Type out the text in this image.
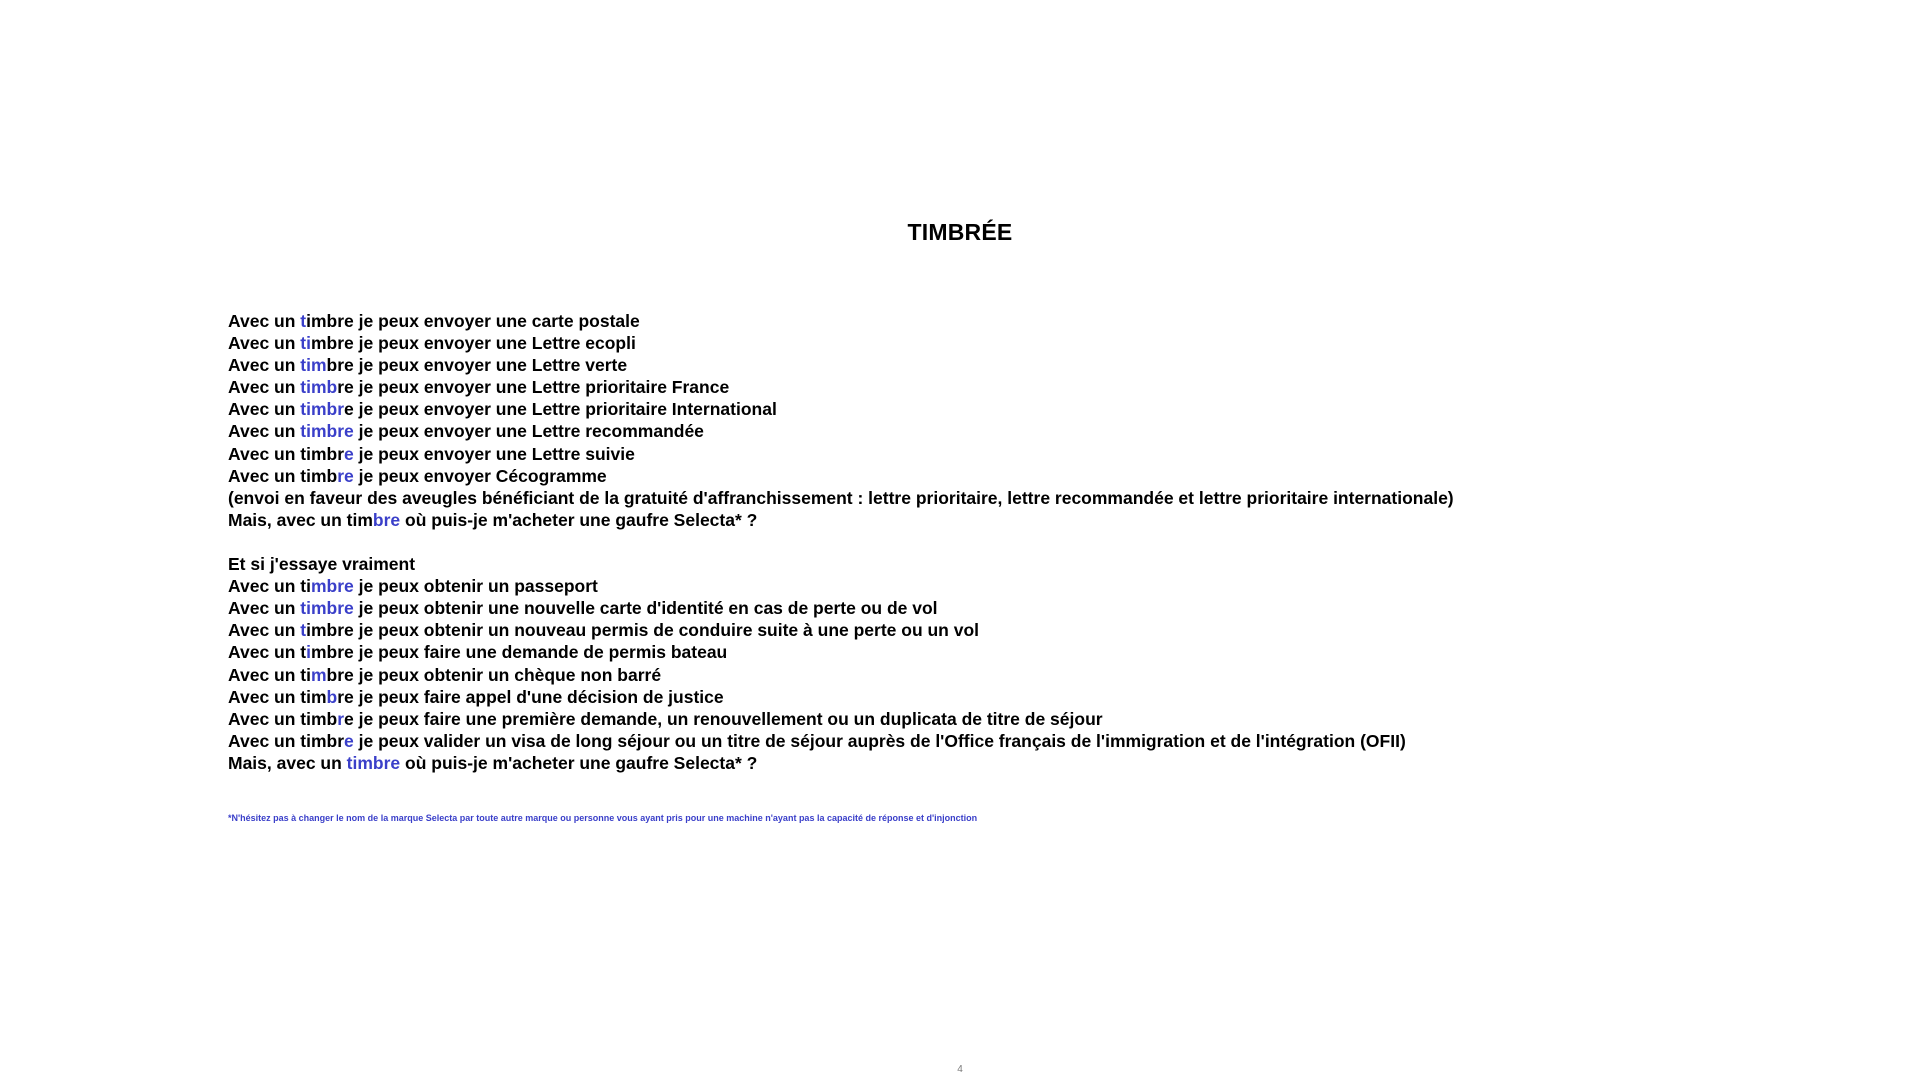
TIMBRÉE
Avec un timbre je peux envoyer une carte postale
Avec un timbre je peux envoyer une Lettre ecopli
Avec un timbre je peux envoyer une Lettre verte
Avec un timbre je peux envoyer une Lettre prioritaire France
Avec un timbre je peux envoyer une Lettre prioritaire International
Avec un timbre je peux envoyer une Lettre recommandée
Avec un timbre je peux envoyer une Lettre suivie
Avec un timbre je peux envoyer Cécogramme
(envoi en faveur des aveugles bénéficiant de la gratuité d'affranchissement : lettre prioritaire, lettre recommandée et lettre prioritaire internationale)
Mais, avec un timbre où puis-je m'acheter une gaufre Selecta* ?
Et si j'essaye vraiment
Avec un timbre je peux obtenir un passeport
Avec un timbre je peux obtenir une nouvelle carte d'identité en cas de perte ou de vol
Avec un timbre je peux obtenir un nouveau permis de conduire suite à une perte ou un vol
Avec un timbre je peux faire une demande de permis bateau
Avec un timbre je peux obtenir un chèque non barré
Avec un timbre je peux faire appel d'une décision de justice
Avec un timbre je peux faire une première demande, un renouvellement ou un duplicata de titre de séjour
Avec un timbre je peux valider un visa de long séjour ou un titre de séjour auprès de l'Office français de l'immigration et de l'intégration (OFII)
Mais, avec un timbre où puis-je m'acheter une gaufre Selecta* ?
*N'hésitez pas à changer le nom de la marque Selecta par toute autre marque ou personne vous ayant pris pour une machine n'ayant pas la capacité de réponse et d'injonction
4
